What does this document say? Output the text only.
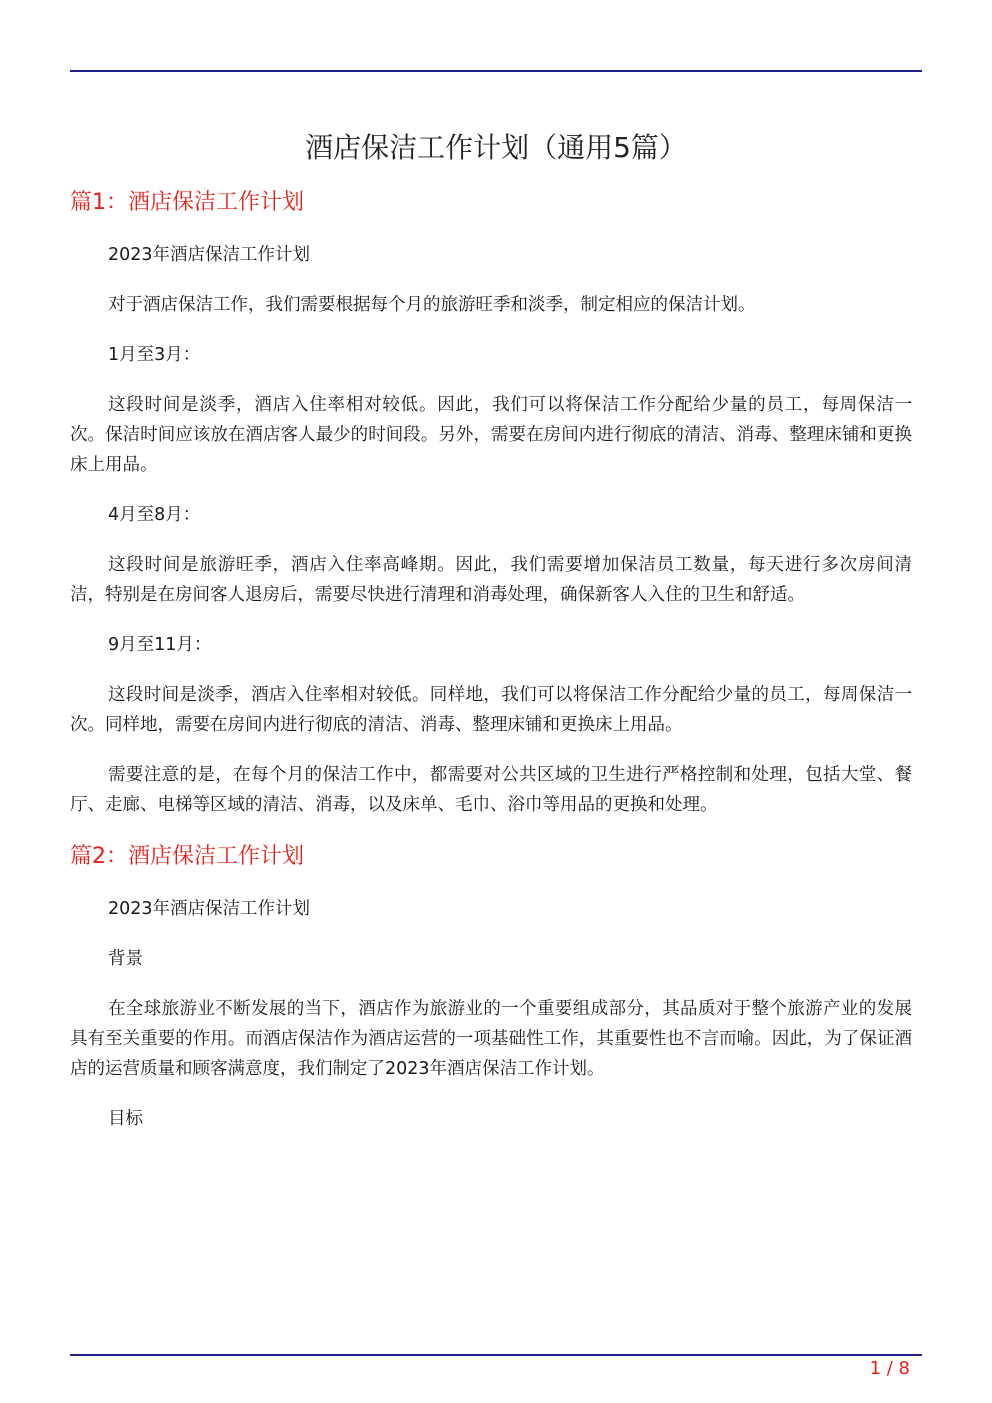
酒店保洁工作计划（通用5篇）
篇1：酒店保洁工作计划

2023年酒店保洁工作计划

对于酒店保洁工作，我们需要根据每个月的旅游旺季和淡季，制定相应的保洁计划。

1月至3月：

这段时间是淡季，酒店入住率相对较低。因此，我们可以将保洁工作分配给少量的员工，每周保洁一次。保洁时间应该放在酒店客人最少的时间段。另外，需要在房间内进行彻底的清洁、消毒、整理床铺和更换床上用品。

4月至8月：

这段时间是旅游旺季，酒店入住率高峰期。因此，我们需要增加保洁员工数量，每天进行多次房间清洁，特别是在房间客人退房后，需要尽快进行清理和消毒处理，确保新客人入住的卫生和舒适。

9月至11月：

这段时间是淡季，酒店入住率相对较低。同样地，我们可以将保洁工作分配给少量的员工，每周保洁一次。同样地，需要在房间内进行彻底的清洁、消毒、整理床铺和更换床上用品。

需要注意的是，在每个月的保洁工作中，都需要对公共区域的卫生进行严格控制和处理，包括大堂、餐厅、走廊、电梯等区域的清洁、消毒，以及床单、毛巾、浴巾等用品的更换和处理。

篇2：酒店保洁工作计划

2023年酒店保洁工作计划

背景

在全球旅游业不断发展的当下，酒店作为旅游业的一个重要组成部分，其品质对于整个旅游产业的发展具有至关重要的作用。而酒店保洁作为酒店运营的一项基础性工作，其重要性也不言而喻。因此，为了保证酒店的运营质量和顾客满意度，我们制定了2023年酒店保洁工作计划。

目标

1 / 8
